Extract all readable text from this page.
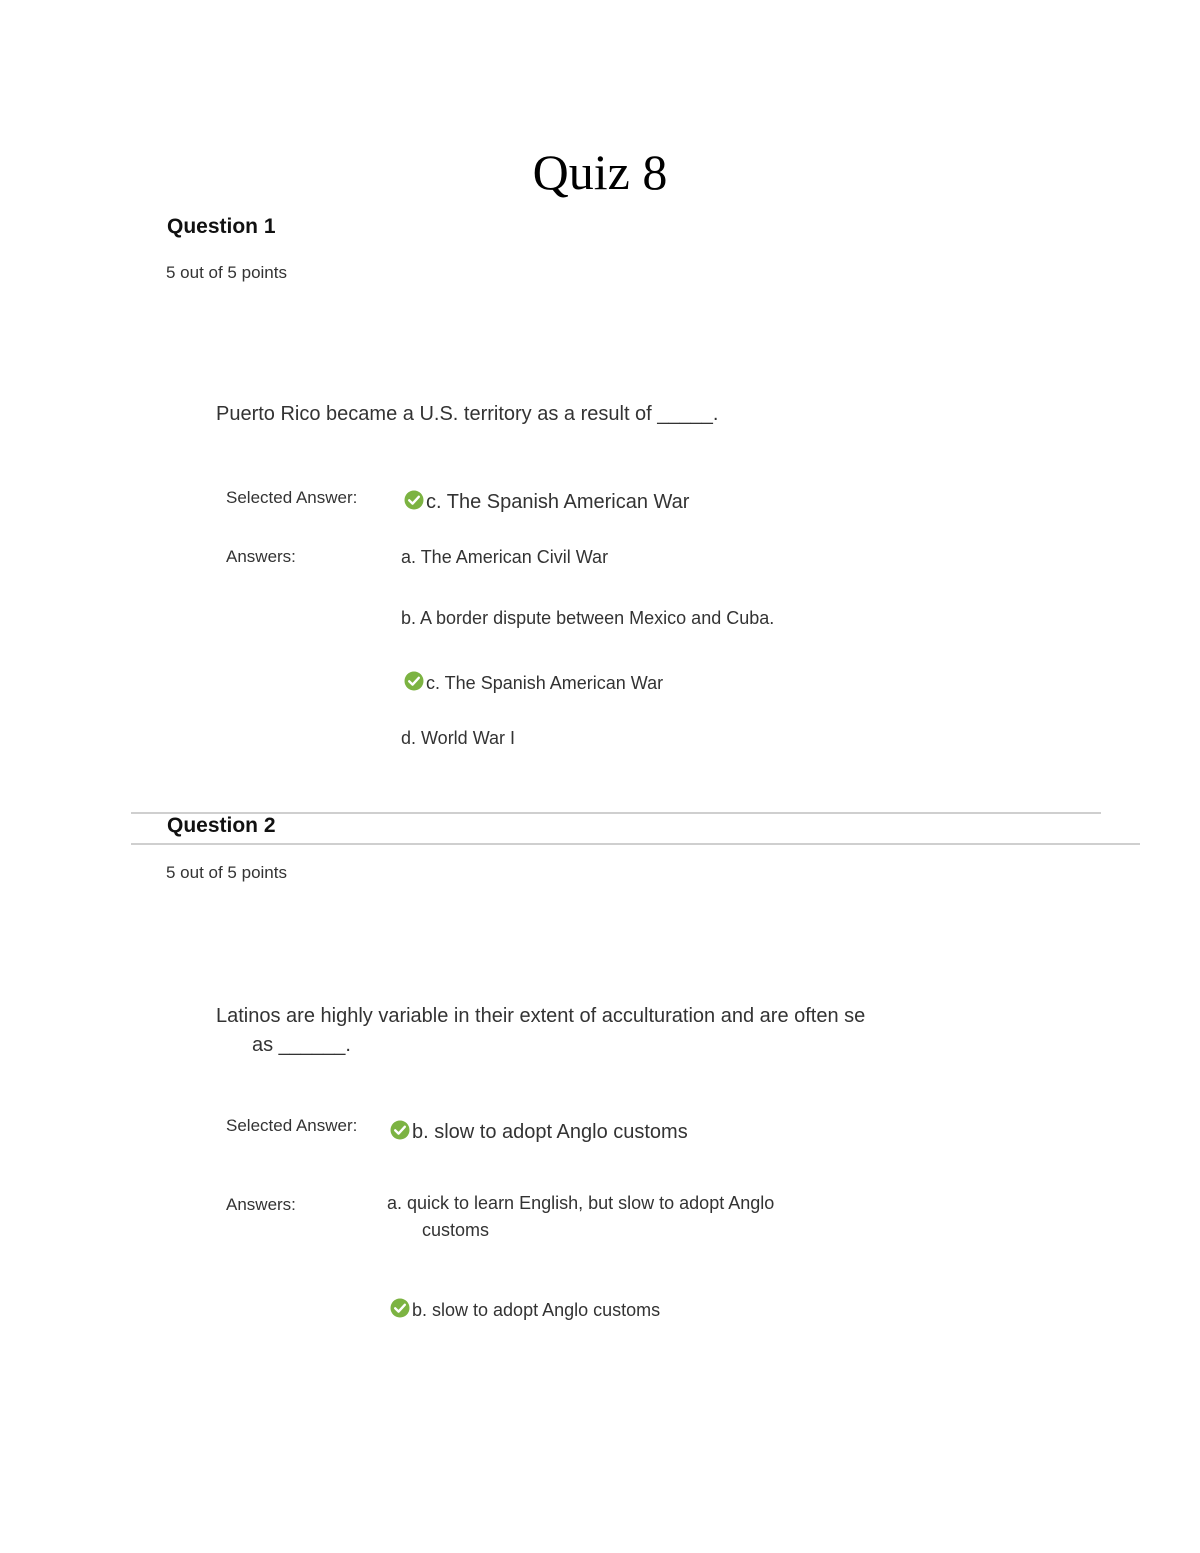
Quiz 8
Question 1
5 out of 5 points
Puerto Rico became a U.S. territory as a result of _____.
Selected Answer:	c. The Spanish American War
Answers:	a. The American Civil War
b. A border dispute between Mexico and Cuba.
c. The Spanish American War
d. World War I
Question 2
5 out of 5 points
Latinos are highly variable in their extent of acculturation and are often se
as ______.
Selected Answer:	b. slow to adopt Anglo customs
Answers:	a. quick to learn English, but slow to adopt Anglo
customs
b. slow to adopt Anglo customs
